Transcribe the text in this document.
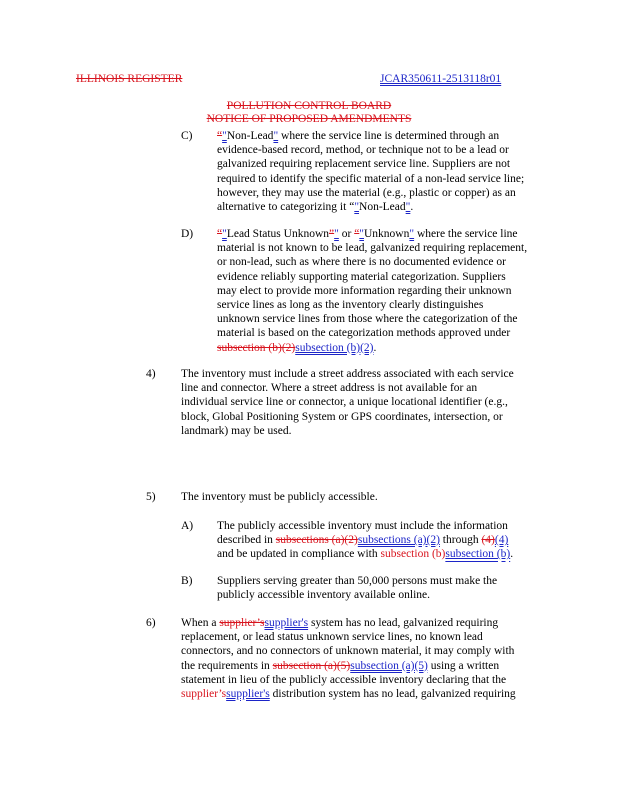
ILLINOIS REGISTER	JCAR350611-2513118r01
POLLUTION CONTROL BOARD
NOTICE OF PROPOSED AMENDMENTS
C) “"Non-Lead" where the service line is determined through an
evidence-based record, method, or technique not to be a lead or
galvanized requiring replacement service line. Suppliers are not
required to identify the specific material of a non-lead service line;
however, they may use the material (e.g., plastic or copper) as an
alternative to categorizing it “"Non-Lead".
D) “"Lead Status Unknown”" or “"Unknown" where the service line
material is not known to be lead, galvanized requiring replacement,
or non-lead, such as where there is no documented evidence or
evidence reliably supporting material categorization. Suppliers
may elect to provide more information regarding their unknown
service lines as long as the inventory clearly distinguishes
unknown service lines from those where the categorization of the
material is based on the categorization methods approved under
subsection (b)(2)subsection (b)(2).
4) The inventory must include a street address associated with each service
line and connector. Where a street address is not available for an
individual service line or connector, a unique locational identifier (e.g.,
block, Global Positioning System or GPS coordinates, intersection, or
landmark) may be used.
5) The inventory must be publicly accessible.
A) The publicly accessible inventory must include the information
described in subsections (a)(2)subsections (a)(2) through (4)(4)
and be updated in compliance with subsection (b)subsection (b).
B) Suppliers serving greater than 50,000 persons must make the
publicly accessible inventory available online.
6) When a supplier’ssupplier's system has no lead, galvanized requiring
replacement, or lead status unknown service lines, no known lead
connectors, and no connectors of unknown material, it may comply with
the requirements in subsection (a)(5)subsection (a)(5) using a written
statement in lieu of the publicly accessible inventory declaring that the
supplier’ssupplier's distribution system has no lead, galvanized requiring
